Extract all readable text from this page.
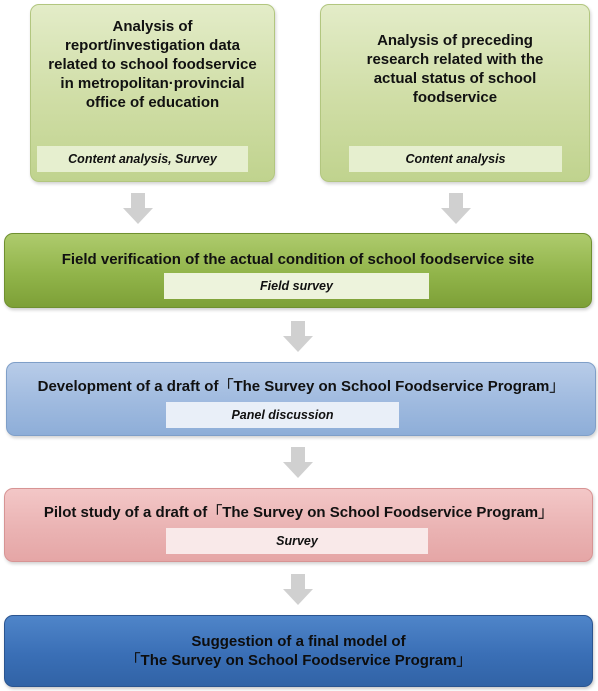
Analysis of
report/investigation data
related to school foodservice
in metropolitan·provincial
office of education
Content analysis, Survey
Analysis of preceding
research related with the
actual status of school
foodservice
Content analysis
Field verification of the actual condition of school foodservice site
Field survey
Development of a draft of「The Survey on School Foodservice Program」
Panel discussion
Pilot study of a draft of「The Survey on School Foodservice Program」
Survey
Suggestion of a final model of
「The Survey on School Foodservice Program」
